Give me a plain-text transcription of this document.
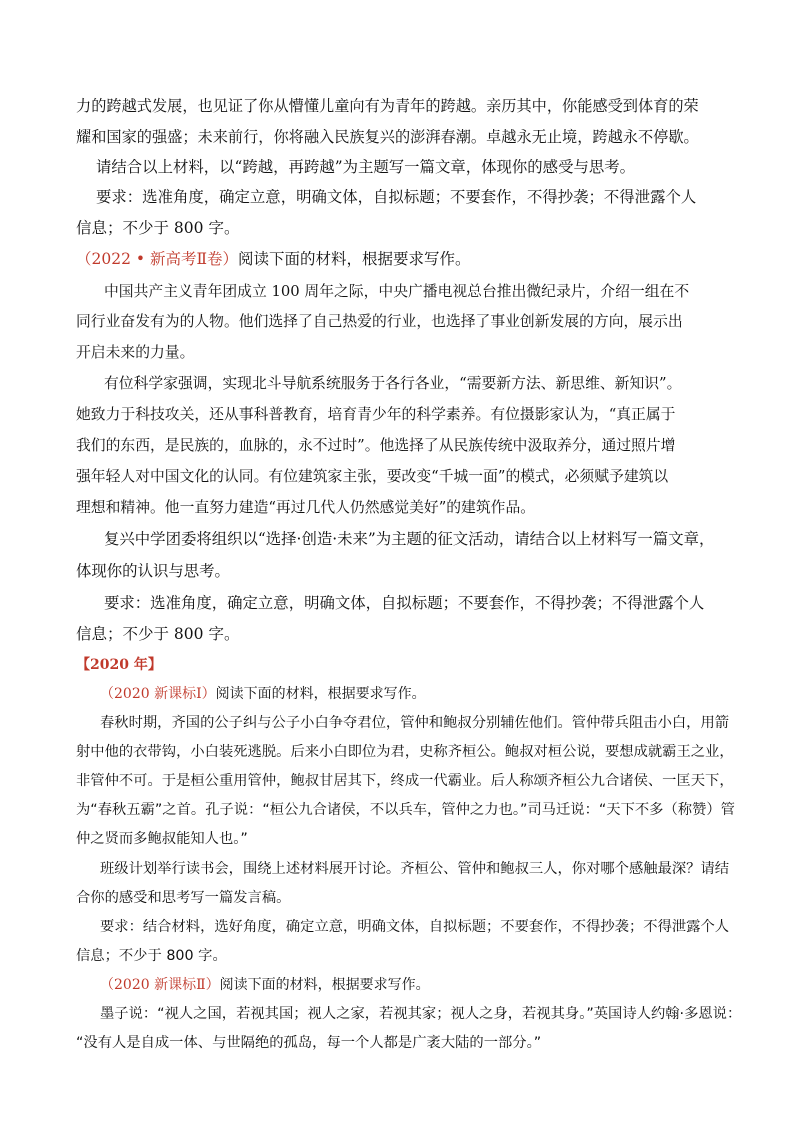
力的跨越式发展，也见证了你从懵懂儿童向有为青年的跨越。亲历其中，你能感受到体育的荣
耀和国家的强盛；未来前行，你将融入民族复兴的澎湃春潮。卓越永无止境，跨越永不停歇。
请结合以上材料，以“跨越，再跨越”为主题写一篇文章，体现你的感受与思考。
要求：选准角度，确定立意，明确文体，自拟标题；不要套作，不得抄袭；不得泄露个人
信息；不少于 800 字。
（2022 • 新高考Ⅱ卷）阅读下面的材料，根据要求写作。
中国共产主义青年团成立 100 周年之际，中央广播电视总台推出微纪录片，介绍一组在不
同行业奋发有为的人物。他们选择了自己热爱的行业，也选择了事业创新发展的方向，展示出
开启未来的力量。
有位科学家强调，实现北斗导航系统服务于各行各业，“需要新方法、新思维、新知识”。
她致力于科技攻关，还从事科普教育，培育青少年的科学素养。有位摄影家认为，“真正属于
我们的东西，是民族的，血脉的，永不过时”。他选择了从民族传统中汲取养分，通过照片增
强年轻人对中国文化的认同。有位建筑家主张，要改变“千城一面”的模式，必须赋予建筑以
理想和精神。他一直努力建造“再过几代人仍然感觉美好”的建筑作品。
复兴中学团委将组织以“选择·创造·未来”为主题的征文活动，请结合以上材料写一篇文章，
体现你的认识与思考。
要求：选准角度，确定立意，明确文体，自拟标题；不要套作，不得抄袭；不得泄露个人
信息；不少于 800 字。
【2020 年】
（2020 新课标Ⅰ）阅读下面的材料，根据要求写作。
春秋时期，齐国的公子纠与公子小白争夺君位，管仲和鲍叔分别辅佐他们。管仲带兵阻击小白，用箭
射中他的衣带钩，小白装死逃脱。后来小白即位为君，史称齐桓公。鲍叔对桓公说，要想成就霸王之业，
非管仲不可。于是桓公重用管仲，鲍叔甘居其下，终成一代霸业。后人称颂齐桓公九合诸侯、一匡天下，
为“春秋五霸”之首。孔子说：“桓公九合诸侯，不以兵车，管仲之力也。”司马迁说：“天下不多（称赞）管
仲之贤而多鲍叔能知人也。”
班级计划举行读书会，围绕上述材料展开讨论。齐桓公、管仲和鲍叔三人，你对哪个感触最深？请结
合你的感受和思考写一篇发言稿。
要求：结合材料，选好角度，确定立意，明确文体，自拟标题；不要套作，不得抄袭；不得泄露个人
信息；不少于 800 字。
（2020 新课标Ⅱ）阅读下面的材料，根据要求写作。
墨子说：“视人之国，若视其国；视人之家，若视其家；视人之身，若视其身。”英国诗人约翰·多恩说：
“没有人是自成一体、与世隔绝的孤岛，每一个人都是广袤大陆的一部分。”
